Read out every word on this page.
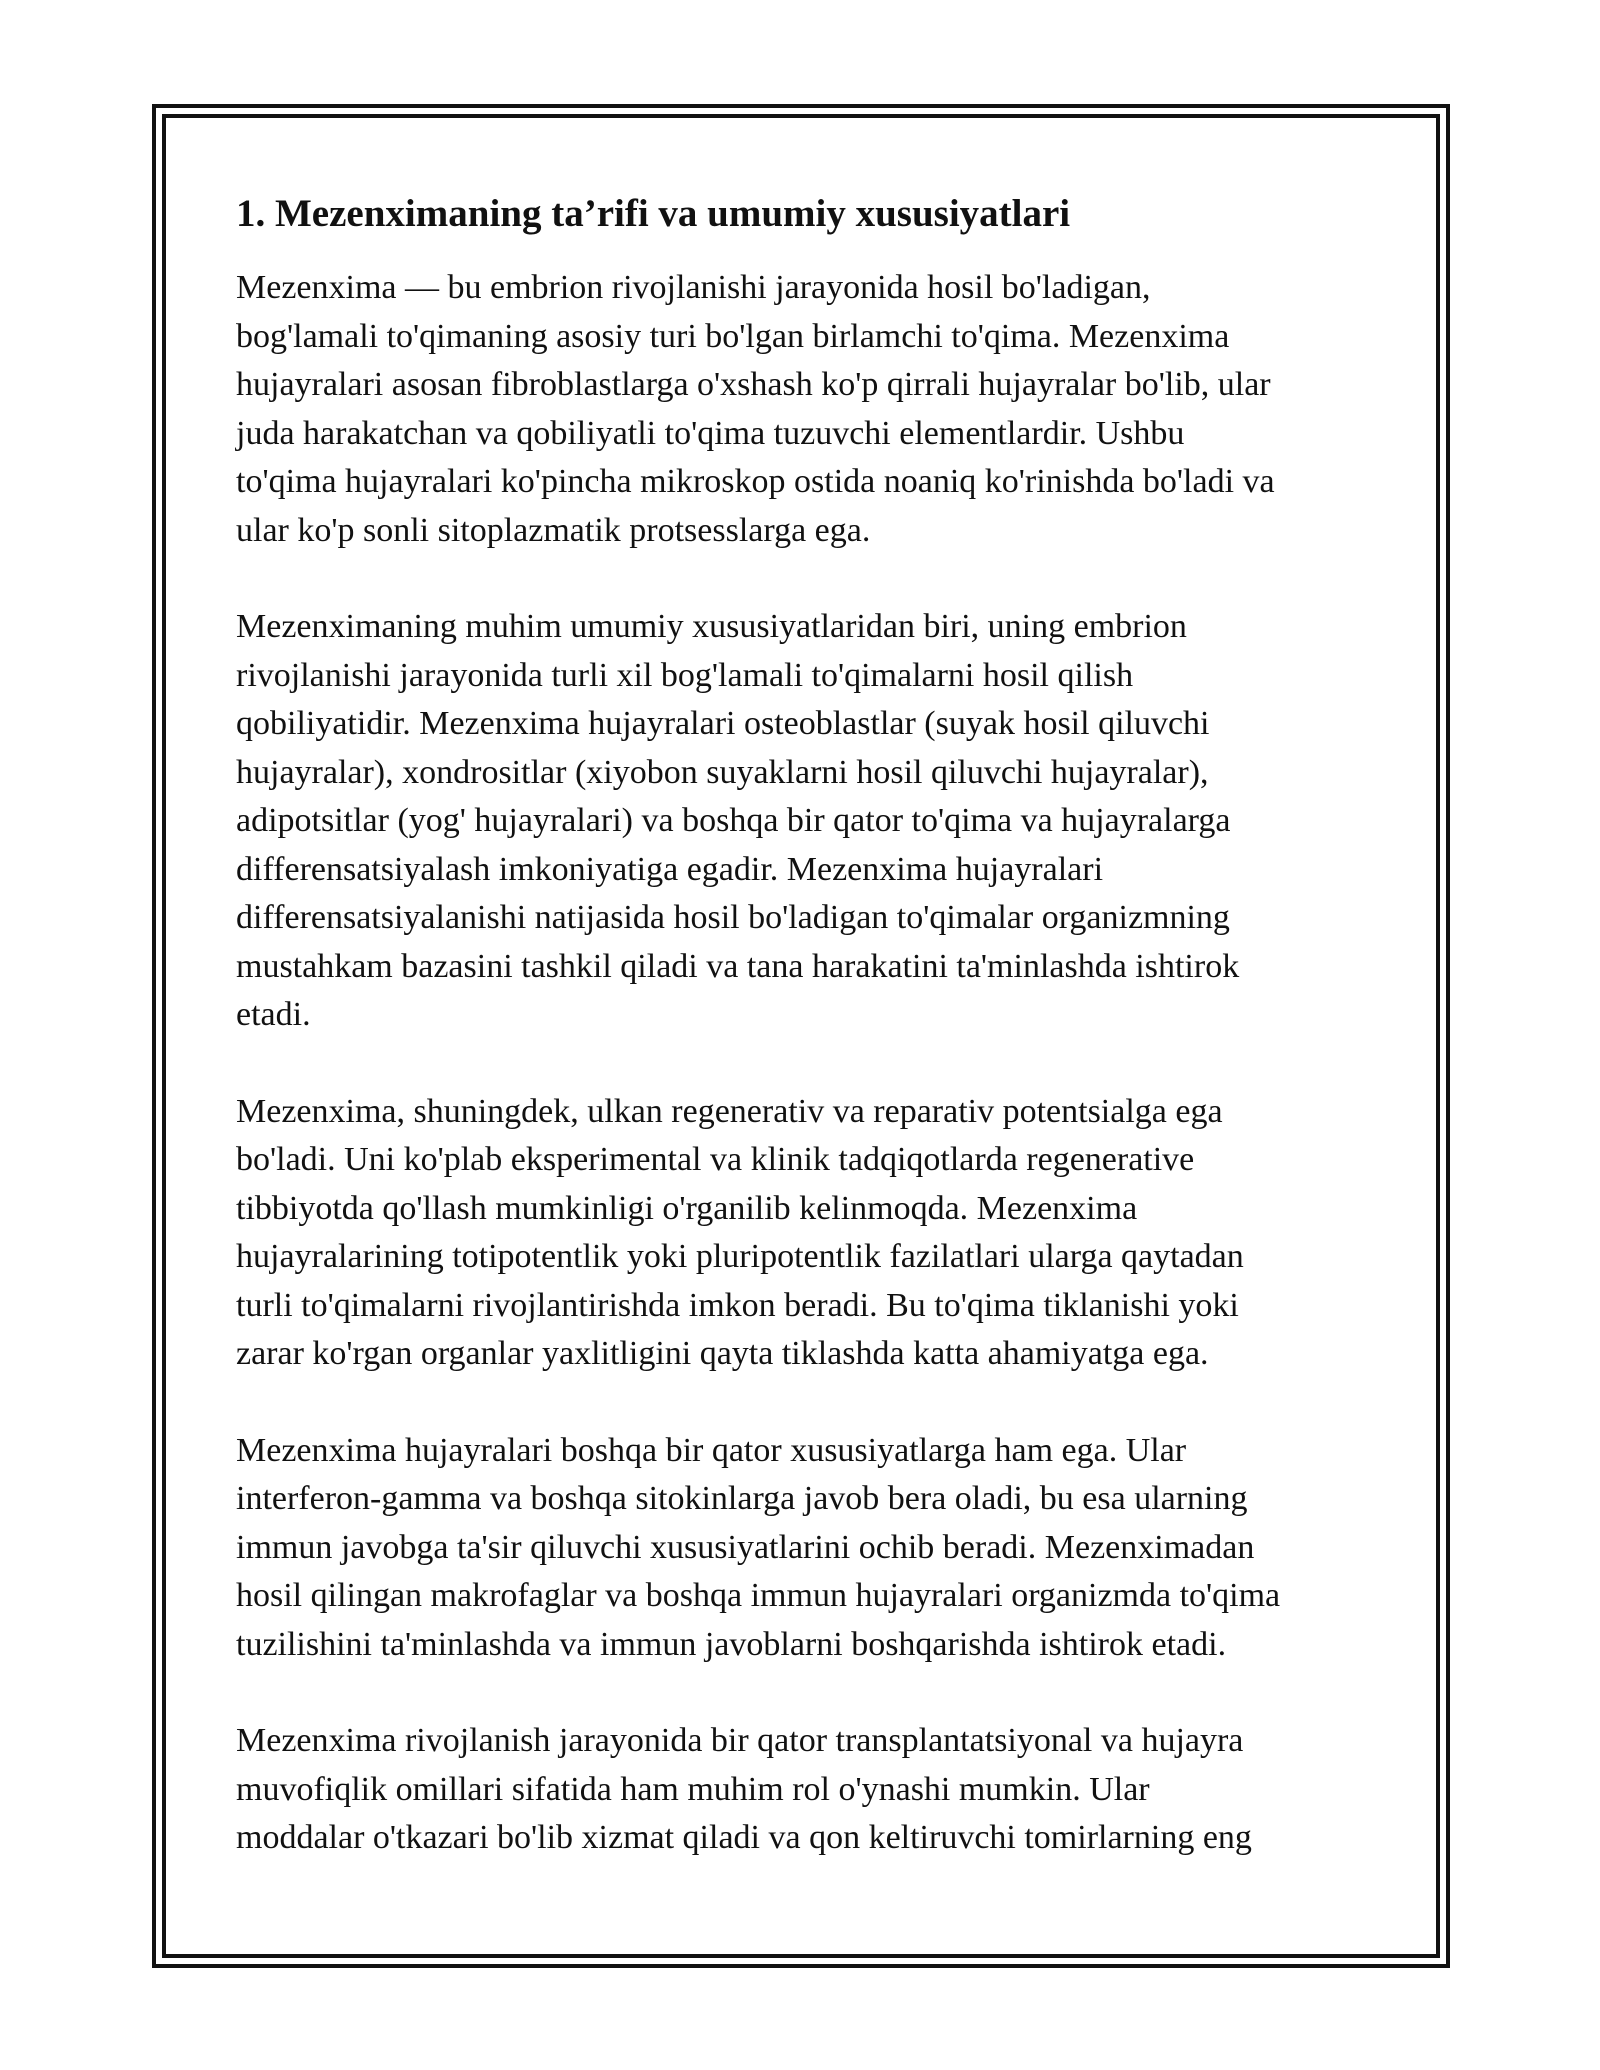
1. Mezenximaning ta’rifi va umumiy xususiyatlari

Mezenxima — bu embrion rivojlanishi jarayonida hosil bo'ladigan,
bog'lamali to'qimaning asosiy turi bo'lgan birlamchi to'qima. Mezenxima
hujayralari asosan fibroblastlarga o'xshash ko'p qirrali hujayralar bo'lib, ular
juda harakatchan va qobiliyatli to'qima tuzuvchi elementlardir. Ushbu
to'qima hujayralari ko'pincha mikroskop ostida noaniq ko'rinishda bo'ladi va
ular ko'p sonli sitoplazmatik protsesslarga ega.

Mezenximaning muhim umumiy xususiyatlaridan biri, uning embrion
rivojlanishi jarayonida turli xil bog'lamali to'qimalarni hosil qilish
qobiliyatidir. Mezenxima hujayralari osteoblastlar (suyak hosil qiluvchi
hujayralar), xondrositlar (xiyobon suyaklarni hosil qiluvchi hujayralar),
adipotsitlar (yog' hujayralari) va boshqa bir qator to'qima va hujayralarga
differensatsiyalash imkoniyatiga egadir. Mezenxima hujayralari
differensatsiyalanishi natijasida hosil bo'ladigan to'qimalar organizmning
mustahkam bazasini tashkil qiladi va tana harakatini ta'minlashda ishtirok
etadi.

Mezenxima, shuningdek, ulkan regenerativ va reparativ potentsialga ega
bo'ladi. Uni ko'plab eksperimental va klinik tadqiqotlarda regenerative
tibbiyotda qo'llash mumkinligi o'rganilib kelinmoqda. Mezenxima
hujayralarining totipotentlik yoki pluripotentlik fazilatlari ularga qaytadan
turli to'qimalarni rivojlantirishda imkon beradi. Bu to'qima tiklanishi yoki
zarar ko'rgan organlar yaxlitligini qayta tiklashda katta ahamiyatga ega.

Mezenxima hujayralari boshqa bir qator xususiyatlarga ham ega. Ular
interferon-gamma va boshqa sitokinlarga javob bera oladi, bu esa ularning
immun javobga ta'sir qiluvchi xususiyatlarini ochib beradi. Mezenximadan
hosil qilingan makrofaglar va boshqa immun hujayralari organizmda to'qima
tuzilishini ta'minlashda va immun javoblarni boshqarishda ishtirok etadi.

Mezenxima rivojlanish jarayonida bir qator transplantatsiyonal va hujayra
muvofiqlik omillari sifatida ham muhim rol o'ynashi mumkin. Ular
moddalar o'tkazari bo'lib xizmat qiladi va qon keltiruvchi tomirlarning eng
